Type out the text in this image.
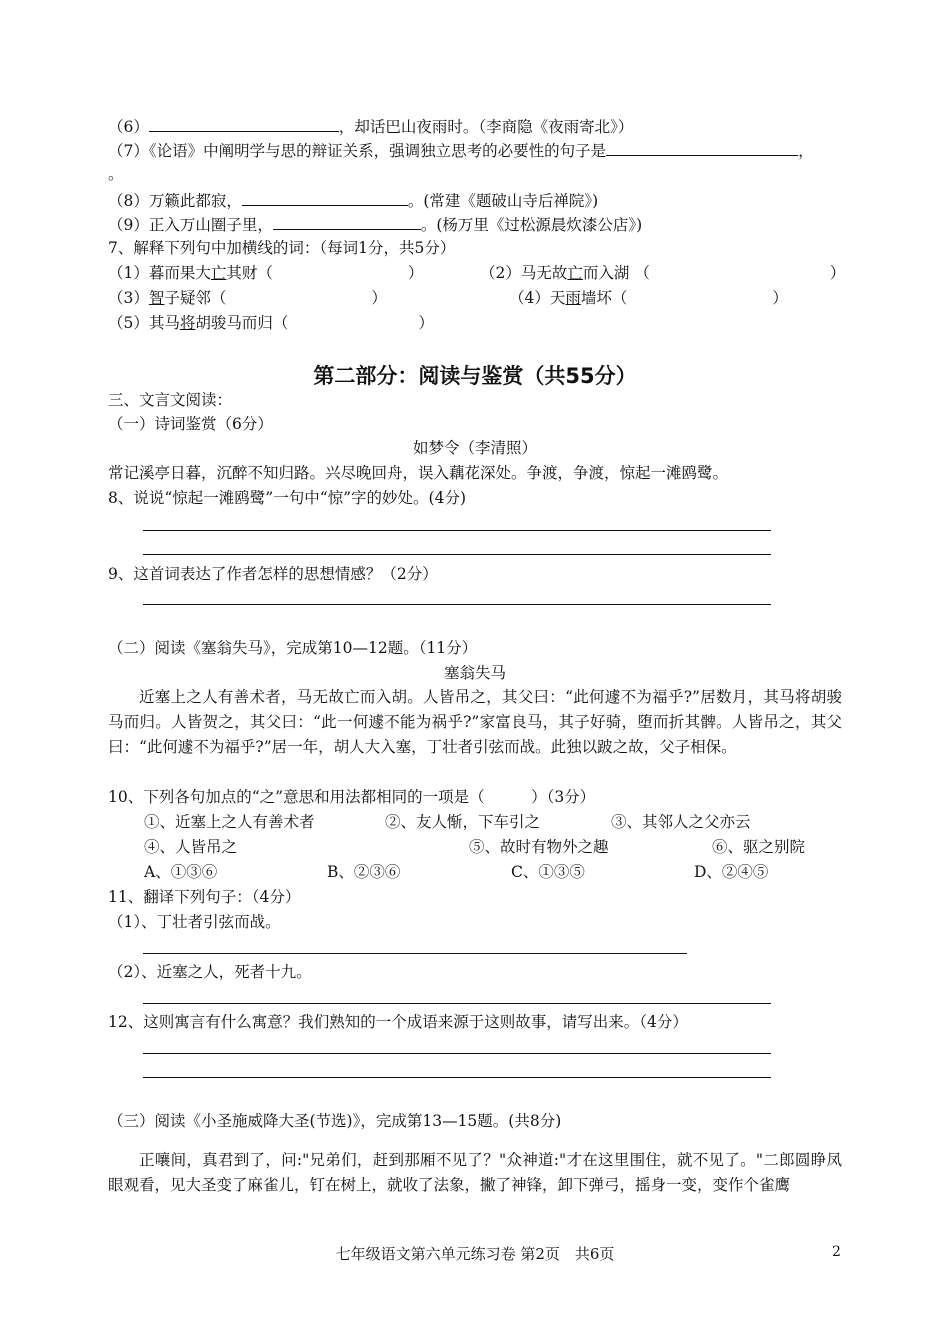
（6）	，却话巴山夜雨时。（李商隐《夜雨寄北》）
（7）《论语》中阐明学与思的辩证关系，强调独立思考的必要性的句子是	，
。
（8）万籁此都寂，	。(常建《题破山寺后禅院》)
（9）正入万山圈子里，	。(杨万里《过松源晨炊漆公店》)
7、解释下列句中加横线的词：（每词1分，共5分）
（1）暮而果大亡其财（	）	（2）马无故亡而入湖 （	）
（3）智子疑邻（	）	（4）天雨墙坏（	）
（5）其马将胡骏马而归（	）
第二部分：阅读与鉴赏（共55分）
三、文言文阅读：
（一）诗词鉴赏（6分）
如梦令（李清照）
常记溪亭日暮，沉醉不知归路。兴尽晚回舟，误入藕花深处。争渡，争渡，惊起一滩鸥鹭。
8、说说“惊起一滩鸥鹭”一句中“惊”字的妙处。(4分)
9、这首词表达了作者怎样的思想情感？（2分）
（二）阅读《塞翁失马》，完成第10—12题。（11分）
塞翁失马

近塞上之人有善术者，马无故亡而入胡。人皆吊之，其父曰：“此何遽不为福乎?”居数月，其马将胡骏马而归。人皆贺之，其父曰：“此一何遽不能为祸乎?”家富良马，其子好骑，堕而折其髀。人皆吊之，其父曰：“此何遽不为福乎?”居一年，胡人大入塞，丁壮者引弦而战。此独以跛之故，父子相保。

10、下列各句加点的“之”意思和用法都相同的一项是（　　　）（3分）
①、近塞上之人有善术者	②、友人惭，下车引之	③、其邻人之父亦云
④、人皆吊之	⑤、故时有物外之趣	⑥、驱之别院
A、①③⑥	B、②③⑥	C、①③⑤	D、②④⑤
11、翻译下列句子：（4分）
（1）、丁壮者引弦而战。
（2）、近塞之人，死者十九。
12、这则寓言有什么寓意？我们熟知的一个成语来源于这则故事，请写出来。（4分）
（三）阅读《小圣施威降大圣(节选)》，完成第13—15题。(共8分)

正嚷间，真君到了，问:"兄弟们，赶到那厢不见了？"众神道:"才在这里围住，就不见了。"二郎圆睁凤眼观看，见大圣变了麻雀儿，钉在树上，就收了法象，撇了神锋，卸下弹弓，摇身一变，变作个雀鹰

七年级语文第六单元练习卷 第2页　共6页	2
